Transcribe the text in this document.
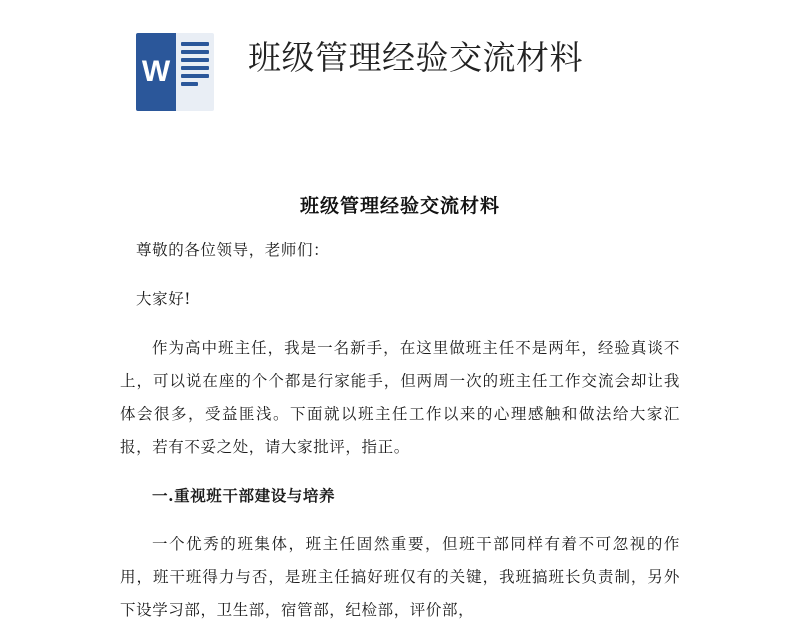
W 班级管理经验交流材料
班级管理经验交流材料

尊敬的各位领导，老师们：

大家好!

作为高中班主任，我是一名新手，在这里做班主任不是两年，经验真谈不上，可以说在座的个个都是行家能手，但两周一次的班主任工作交流会却让我体会很多，受益匪浅。下面就以班主任工作以来的心理感触和做法给大家汇报，若有不妥之处，请大家批评，指正。

一.重视班干部建设与培养

一个优秀的班集体，班主任固然重要，但班干部同样有着不可忽视的作用，班干班得力与否，是班主任搞好班仅有的关键，我班搞班长负责制，另外下设学习部，卫生部，宿管部，纪检部，评价部，
